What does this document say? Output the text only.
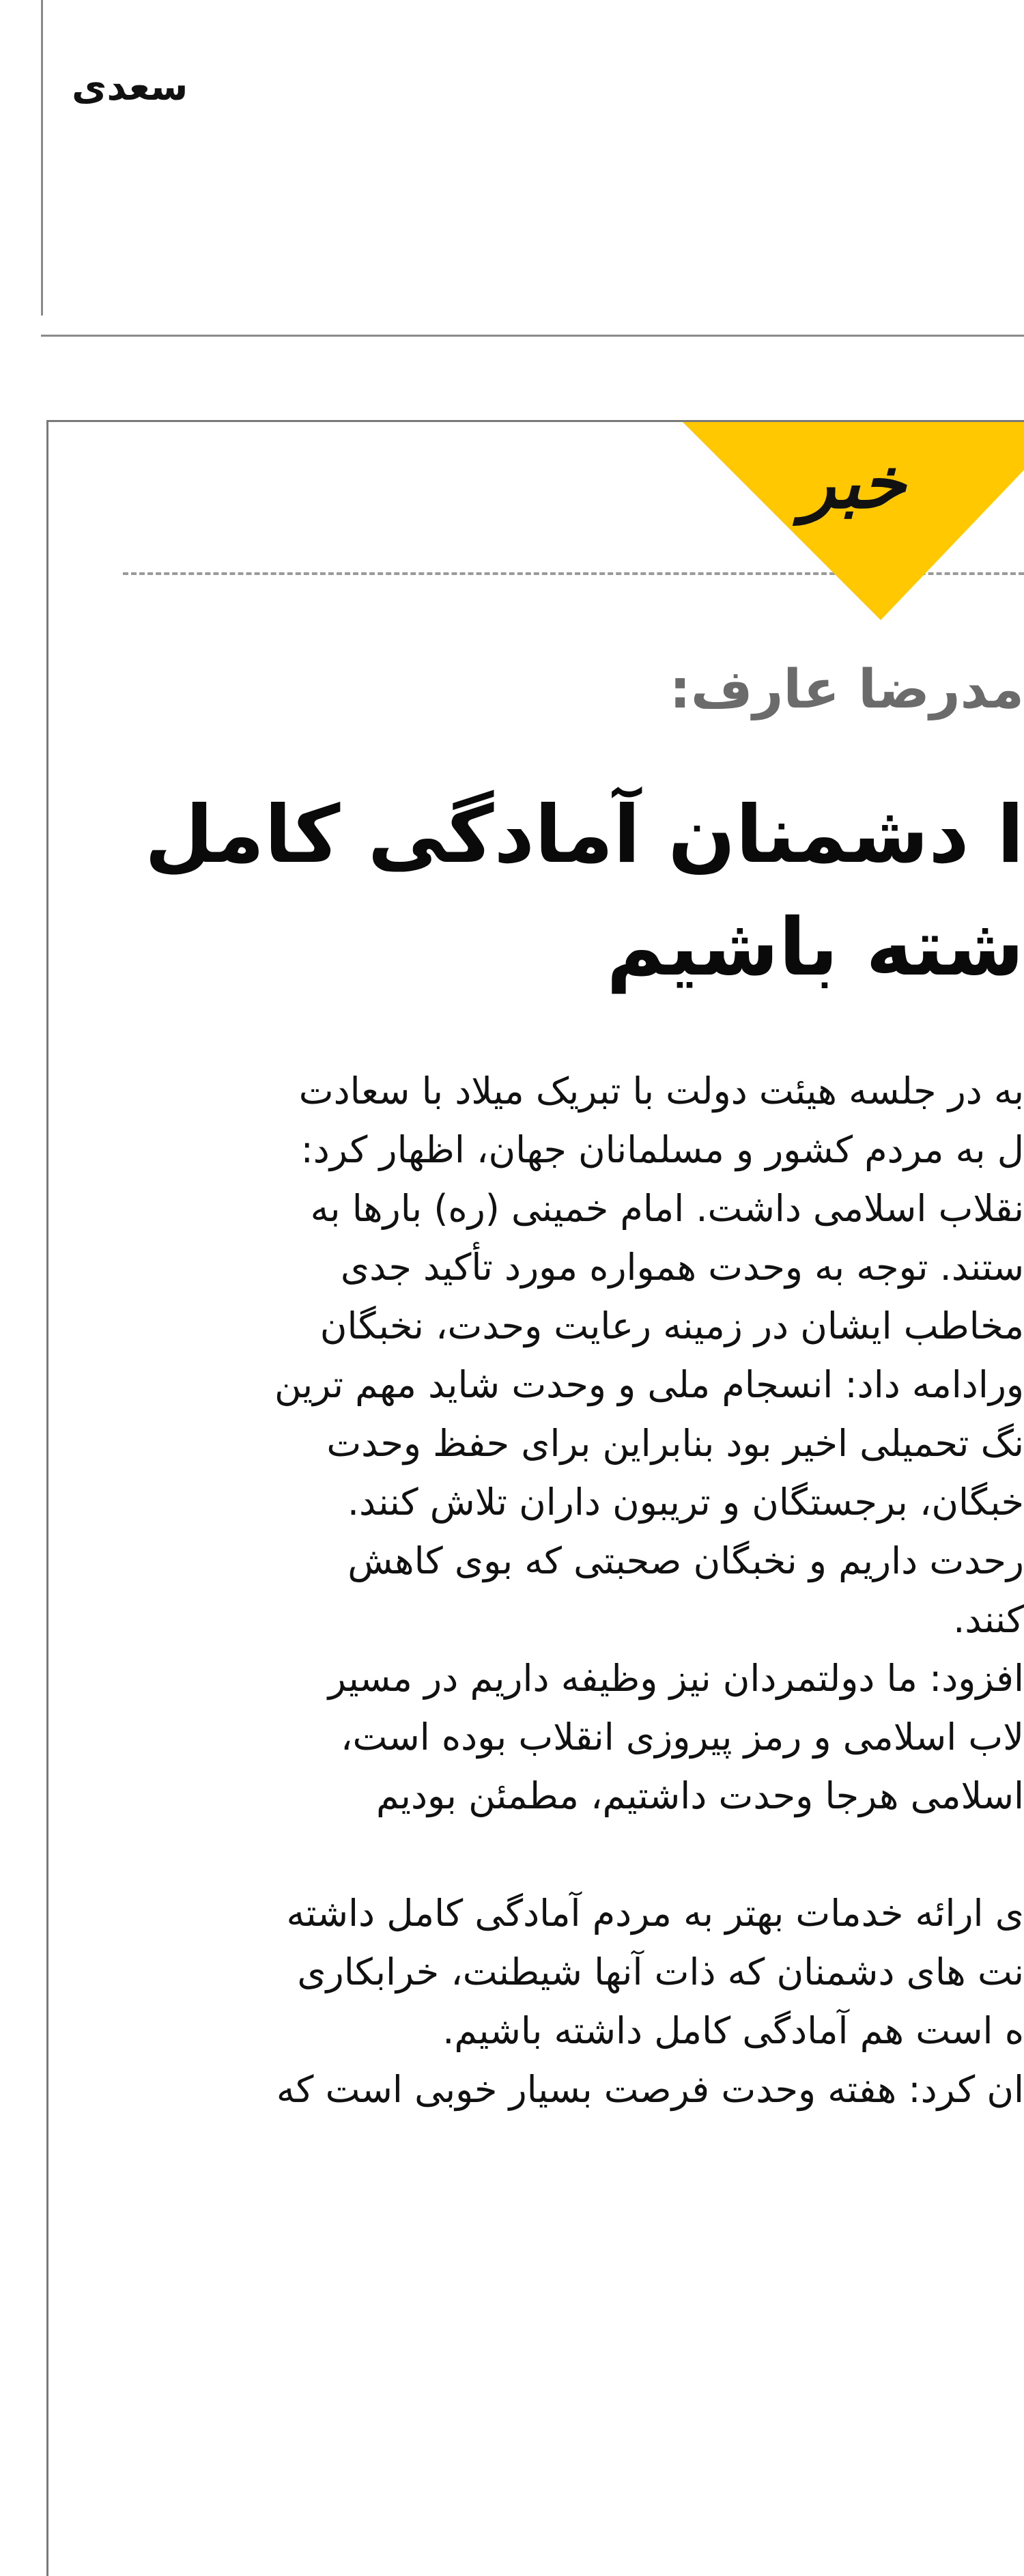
سعدی
خبر
مدرضا عارف:
ا دشمنان آمادگی کامل
شته باشیم
به در جلسه هیئت دولت با تبریک میلاد با سعادت
ل به مردم کشور و مسلمانان جهان، اظهار کرد:
نقلاب اسلامی داشت. امام خمینی (ره) بارها به
ستند. توجه به وحدت همواره مورد تأکید جدی
مخاطب ایشان در زمینه رعایت وحدت، نخبگان
ورادامه داد: انسجام ملی و وحدت شاید مهم ترین
نگ تحمیلی اخیر بود بنابراین برای حفظ وحدت
خبگان، برجستگان و تریبون داران تلاش کنند.
رحدت داریم و نخبگان صحبتی که بوی کاهش
کنند.
افزود: ما دولتمردان نیز وظیفه داریم در مسیر
لاب اسلامی و رمز پیروزی انقلاب بوده است،
اسلامی هرجا وحدت داشتیم، مطمئن بودیم
ی ارائه خدمات بهتر به مردم آمادگی کامل داشته
نت های دشمنان که ذات آنها شیطنت، خرابکاری
ه است هم آمادگی کامل داشته باشیم.
ان کرد: هفته وحدت فرصت بسیار خوبی است که
